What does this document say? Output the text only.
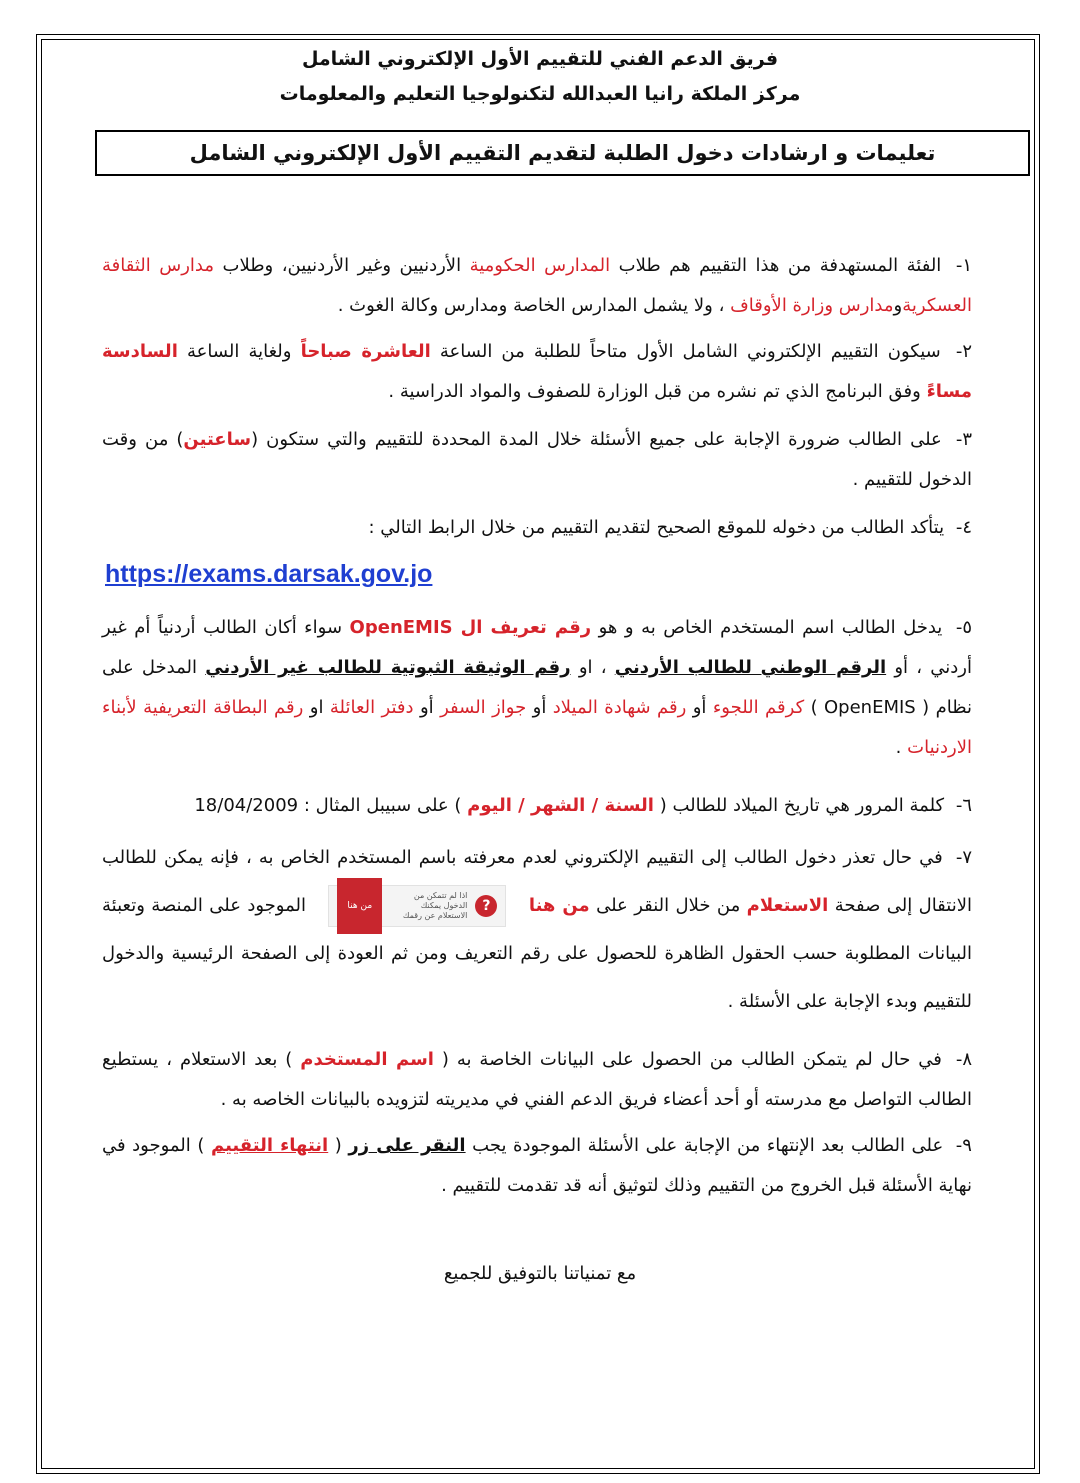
فريق الدعم الفني للتقييم الأول الإلكتروني الشامل
مركز الملكة رانيا العبدالله لتكنولوجيا التعليم والمعلومات
تعليمات و ارشادات دخول الطلبة لتقديم التقييم الأول الإلكتروني الشامل
١- الفئة المستهدفة من هذا التقييم هم طلاب المدارس الحكومية الأردنيين وغير الأردنيين، وطلاب مدارس الثقافة العسكريةومدارس وزارة الأوقاف ، ولا يشمل المدارس الخاصة ومدارس وكالة الغوث .
٢- سيكون التقييم الإلكتروني الشامل الأول متاحاً للطلبة من الساعة العاشرة صباحاً ولغاية الساعة السادسة مساءً وفق البرنامج الذي تم نشره من قبل الوزارة للصفوف والمواد الدراسية .
٣- على الطالب ضرورة الإجابة على جميع الأسئلة خلال المدة المحددة للتقييم والتي ستكون (ساعتين) من وقت الدخول للتقييم .
٤- يتأكد الطالب من دخوله للموقع الصحيح لتقديم التقييم من خلال الرابط التالي :
https://exams.darsak.gov.jo
٥- يدخل الطالب اسم المستخدم الخاص به و هو رقم تعريف ال OpenEMIS سواء أكان الطالب أردنياً أم غير أردني ، أو الرقم الوطني للطالب الأردني ، او رقم الوثيقة الثبوتية للطالب غير الأردني المدخل على نظام ( OpenEMIS ) كرقم اللجوء أو رقم شهادة الميلاد أو جواز السفر أو دفتر العائلة او رقم البطاقة التعريفية لأبناء الاردنيات .
٦- كلمة المرور هي تاريخ الميلاد للطالب ( السنة / الشهر / اليوم ) على سبيبل المثال : 18/04/2009
٧- في حال تعذر دخول الطالب إلى التقييم الإلكتروني لعدم معرفته باسم المستخدم الخاص به ، فإنه يمكن للطالب الانتقال إلى صفحة الاستعلام من خلال النقر على من هنا
?
اذا لم تتمكن من الدخول يمكنك الاستعلام عن رقمك
من هنا
الموجود على المنصة وتعبئة البيانات المطلوبة حسب الحقول الظاهرة للحصول على رقم التعريف ومن ثم العودة إلى الصفحة الرئيسية والدخول للتقييم وبدء الإجابة على الأسئلة .
٨- في حال لم يتمكن الطالب من الحصول على البيانات الخاصة به ( اسم المستخدم ) بعد الاستعلام ، يستطيع الطالب التواصل مع مدرسته أو أحد أعضاء فريق الدعم الفني في مديريته لتزويده بالبيانات الخاصه به .
٩- على الطالب بعد الإنتهاء من الإجابة على الأسئلة الموجودة يجب النقر على زر ( انتهاء التقييم ) الموجود في نهاية الأسئلة قبل الخروج من التقييم وذلك لتوثيق أنه قد تقدمت للتقييم .
مع تمنياتنا بالتوفيق للجميع
